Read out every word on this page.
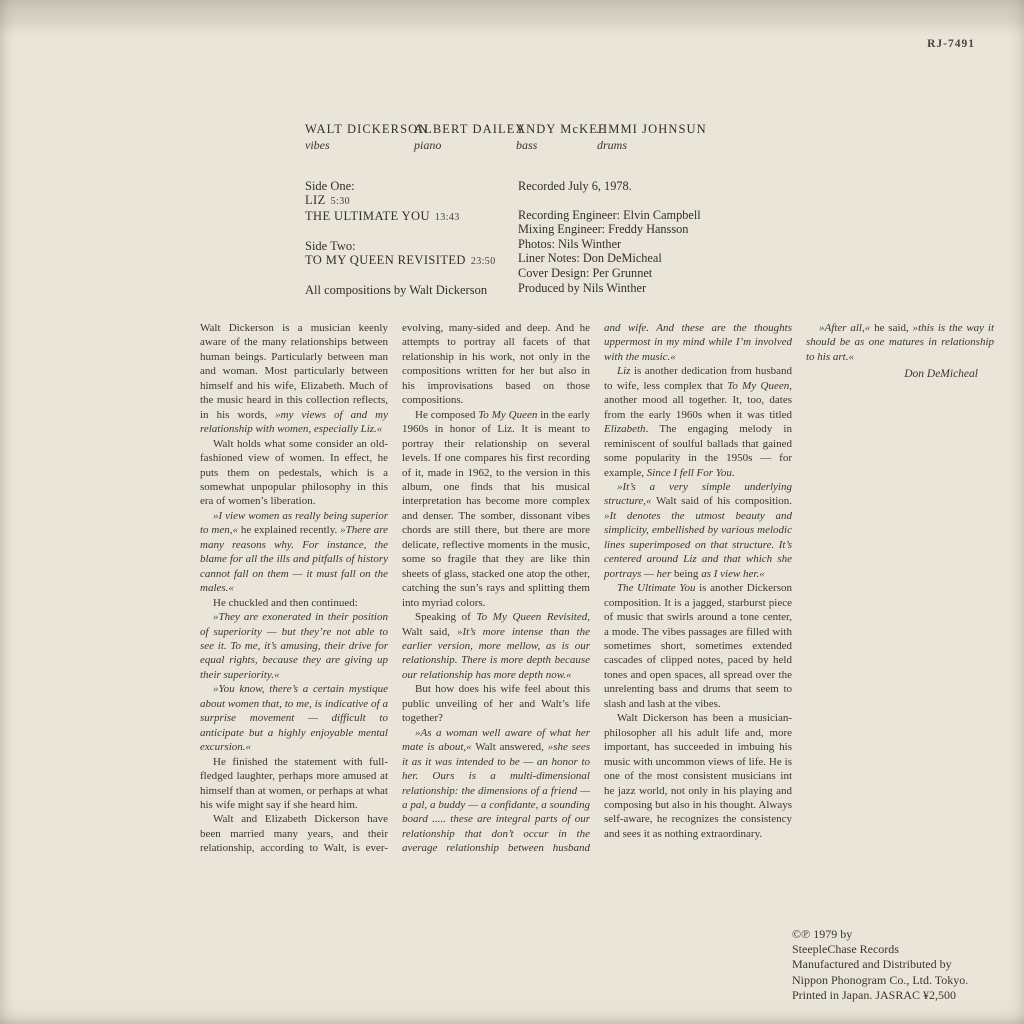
RJ-7491
WALT DICKERSON
vibes
ALBERT DAILEY
piano
ANDY McKEE
bass
JIMMI JOHNSUN
drums
Side One:
LIZ 5:30
THE ULTIMATE YOU 13:43
Side Two:
TO MY QUEEN REVISITED 23:50
All compositions by Walt Dickerson
Recorded July 6, 1978.
Recording Engineer: Elvin Campbell
Mixing Engineer: Freddy Hansson
Photos: Nils Winther
Liner Notes: Don DeMicheal
Cover Design: Per Grunnet
Produced by Nils Winther

Walt Dickerson is a musician keenly aware of the many relationships between human beings. Particularly between man and woman. Most particularly between himself and his wife, Elizabeth. Much of the music heard in this collection reflects, in his words, »my views of and my relationship with women, especially Liz.«

Walt holds what some consider an old-fashioned view of women. In effect, he puts them on pedestals, which is a somewhat unpopular philosophy in this era of women’s liberation.

»I view women as really being superior to men,« he explained recently. »There are many reasons why. For instance, the blame for all the ills and pitfalls of history cannot fall on them — it must fall on the males.«

He chuckled and then continued:

»They are exonerated in their position of superiority — but they’re not able to see it. To me, it’s amusing, their drive for equal rights, because they are giving up their superiority.«

»You know, there’s a certain mystique about women that, to me, is indicative of a surprise movement — difficult to anticipate but a highly enjoyable mental excursion.«

He finished the statement with full-fledged laughter, perhaps more amused at himself than at women, or perhaps at what his wife might say if she heard him.

Walt and Elizabeth Dickerson have been married many years, and their relationship, according to Walt, is ever-evolving, many-sided and deep. And he attempts to portray all facets of that relationship in his work, not only in the compositions written for her but also in his improvisations based on those compositions.

He composed To My Queen in the early 1960s in honor of Liz. It is meant to portray their relationship on several levels. If one compares his first recording of it, made in 1962, to the version in this album, one finds that his musical interpretation has become more complex and denser. The somber, dissonant vibes chords are still there, but there are more delicate, reflective moments in the music, some so fragile that they are like thin sheets of glass, stacked one atop the other, catching the sun’s rays and splitting them into myriad colors.

Speaking of To My Queen Revisited, Walt said, »It’s more intense than the earlier version, more mellow, as is our relationship. There is more depth because our relationship has more depth now.«

But how does his wife feel about this public unveiling of her and Walt’s life together?

»As a woman well aware of what her mate is about,« Walt answered, »she sees it as it was intended to be — an honor to her. Ours is a multi-dimensional relationship: the dimensions of a friend — a pal, a buddy — a confidante, a sounding board ..... these are integral parts of our relationship that don’t occur in the average relationship between husband and wife. And these are the thoughts uppermost in my mind while I’m involved with the music.«

Liz is another dedication from husband to wife, less complex that To My Queen, another mood all together. It, too, dates from the early 1960s when it was titled Elizabeth. The engaging melody in reminiscent of soulful ballads that gained some popularity in the 1950s — for example, Since I fell For You.

»It’s a very simple underlying structure,« Walt said of his composition. »It denotes the utmost beauty and simplicity, embellished by various melodic lines superimposed on that structure. It’s centered around Liz and that which she portrays — her being as I view her.«

The Ultimate You is another Dickerson composition. It is a jagged, starburst piece of music that swirls around a tone center, a mode. The vibes passages are filled with sometimes short, sometimes extended cascades of clipped notes, paced by held tones and open spaces, all spread over the unrelenting bass and drums that seem to slash and lash at the vibes.

Walt Dickerson has been a musician-philosopher all his adult life and, more important, has succeeded in imbuing his music with uncommon views of life. He is one of the most consistent musicians int he jazz world, not only in his playing and composing but also in his thought. Always self-aware, he recognizes the consistency and sees it as nothing extraordinary.

»After all,« he said, »this is the way it should be as one matures in relationship to his art.«

Don DeMicheal

©℗ 1979 by
SteepleChase Records
Manufactured and Distributed by
Nippon Phonogram Co., Ltd. Tokyo.
Printed in Japan. JASRAC ¥2,500
